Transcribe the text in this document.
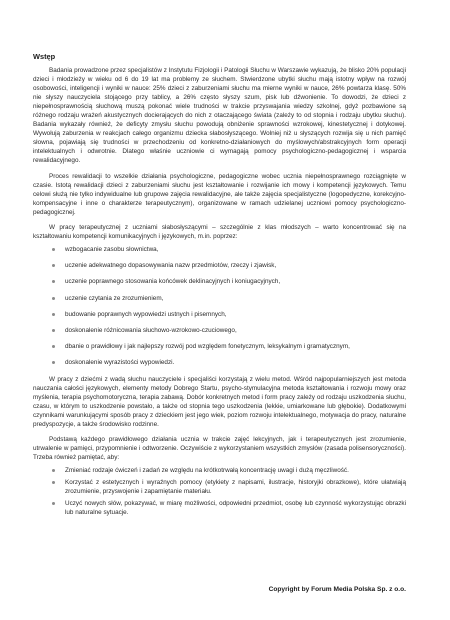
Wstęp

Badania prowadzone przez specjalistów z Instytutu Fizjologii i Patologii Słuchu w Warszawie wykazują, że blisko 20% populacji dzieci i młodzieży w wieku od 6 do 19 lat ma problemy ze słuchem. Stwierdzone ubytki słuchu mają istotny wpływ na rozwój osobowości, inteligencji i wyniki w nauce: 25% dzieci z zaburzeniami słuchu ma mierne wyniki w nauce, 26% powtarza klasę. 50% nie słyszy nauczyciela stojącego przy tablicy, a 26% często słyszy szum, pisk lub dźwonienie. To dowodzi, że dzieci z niepełnosprawnością słuchową muszą pokonać wiele trudności w trakcie przyswajania wiedzy szkolnej, gdyż pozbawione są różnego rodzaju wrażeń akustycznych docierających do nich z otaczającego świata (zależy to od stopnia i rodzaju ubytku słuchu). Badania wykazały również, że deficyty zmysłu słuchu powodują obniżenie sprawności wzrokowej, kinestetycznej i dotykowej. Wywołują zaburzenia w reakcjach całego organizmu dziecka słabosłyszącego. Wolniej niż u słyszących rozwija się u nich pamięć słowna, pojawiają się trudności w przechodzeniu od konkretno-działaniowych do myślowych/abstrakcyjnych form operacji intelektualnych i odwrotnie. Dlatego właśnie uczniowie ci wymagają pomocy psychologiczno-pedagogicznej i wsparcia rewalidacyjnego.

Proces rewalidacji to wszelkie działania psychologiczne, pedagogiczne wobec ucznia niepełnosprawnego rozciągnięte w czasie. Istotą rewalidacji dzieci z zaburzeniami słuchu jest kształtowanie i rozwijanie ich mowy i kompetencji językowych. Temu celowi służą nie tylko indywidualne lub grupowe zajęcia rewalidacyjne, ale także zajęcia specjalistyczne (logopedyczne, korekcyjno-kompensacyjne i inne o charakterze terapeutycznym), organizowane w ramach udzielanej uczniowi pomocy psychologiczno-pedagogicznej.

W pracy terapeutycznej z uczniami słabosłyszącymi – szczególnie z klas młodszych – warto koncentrować się na kształtowaniu kompetencji komunikacyjnych i językowych, m.in. poprzez:

wzbogacanie zasobu słownictwa,
uczenie adekwatnego dopasowywania nazw przedmiotów, rzeczy i zjawisk,
uczenie poprawnego stosowania końcówek deklinacyjnych i koniugacyjnych,
uczenie czytania ze zrozumieniem,
budowanie poprawnych wypowiedzi ustnych i pisemnych,
doskonalenie różnicowania słuchowo-wzrokowo-czuciowego,
dbanie o prawidłowy i jak najlepszy rozwój pod względem fonetycznym, leksykalnym i gramatycznym,
doskonalenie wyrazistości wypowiedzi.

W pracy z dziećmi z wadą słuchu nauczyciele i specjaliści korzystają z wielu metod. Wśród najpopularniejszych jest metoda nauczania całości językowych, elementy metody Dobrego Startu, psycho-stymulacyjna metoda kształtowania i rozwoju mowy oraz myślenia, terapia psychomotoryczna, terapia zabawą. Dobór konkretnych metod i form pracy zależy od rodzaju uszkodzenia słuchu, czasu, w którym to uszkodzenie powstało, a także od stopnia tego uszkodzenia (lekkie, umiarkowane lub głębokie). Dodatkowymi czynnikami warunkującymi sposób pracy z dzieckiem jest jego wiek, poziom rozwoju intelektualnego, motywacja do pracy, naturalne predyspozycje, a także środowisko rodzinne.

Podstawą każdego prawidłowego działania ucznia w trakcie zajęć lekcyjnych, jak i terapeutycznych jest zrozumienie, utrwalenie w pamięci, przypomnienie i odtworzenie. Oczywiście z wykorzystaniem wszystkich zmysłów (zasada polisensoryczności). Trzeba również pamiętać, aby:

Zmieniać rodzaje ćwiczeń i zadań ze względu na krótkotrwałą koncentrację uwagi i dużą męczliwość.
Korzystać z estetycznych i wyraźnych pomocy (etykiety z napisami, ilustracje, historyjki obrazkowe), które ułatwiają zrozumienie, przyswojenie i zapamiętanie materiału.
Uczyć nowych słów, pokazywać, w miarę możliwości, odpowiedni przedmiot, osobę lub czynność wykorzystując obrazki lub naturalne sytuacje.
Copyright by Forum Media Polska Sp. z o.o.
